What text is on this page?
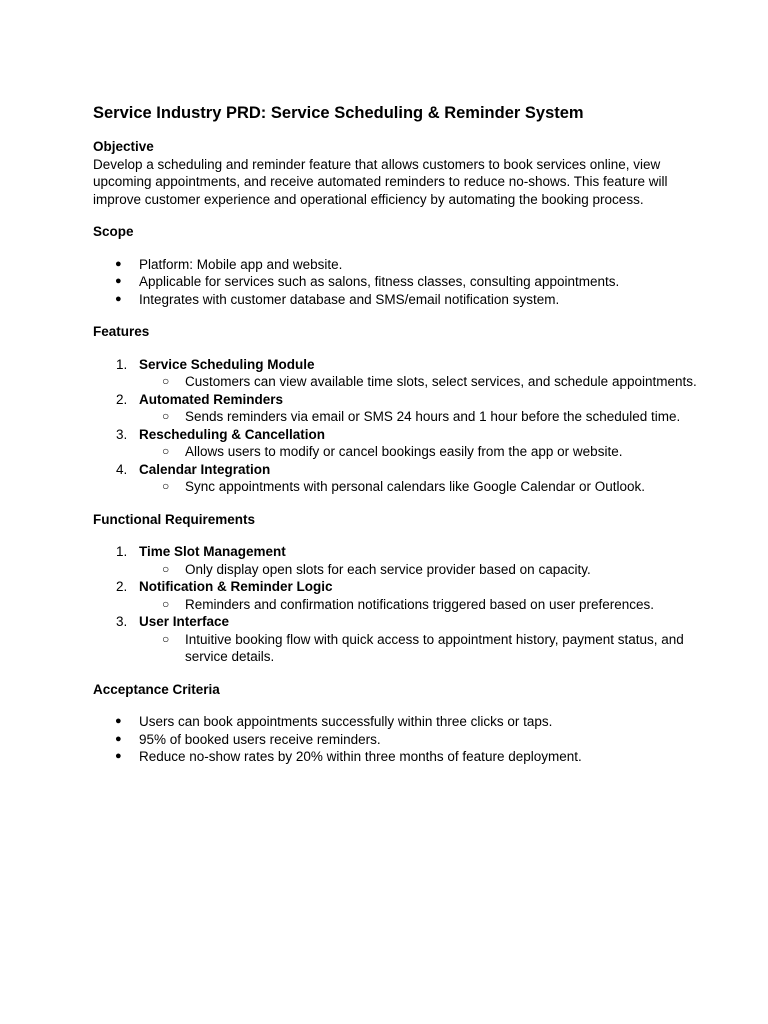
Service Industry PRD: Service Scheduling & Reminder System
Objective

Develop a scheduling and reminder feature that allows customers to book services online, view upcoming appointments, and receive automated reminders to reduce no-shows. This feature will improve customer experience and operational efficiency by automating the booking process.

Scope
● Platform: Mobile app and website.
● Applicable for services such as salons, fitness classes, consulting appointments.
● Integrates with customer database and SMS/email notification system.
Features
1. Service Scheduling Module
○ Customers can view available time slots, select services, and schedule appointments.
2. Automated Reminders
○ Sends reminders via email or SMS 24 hours and 1 hour before the scheduled time.
3. Rescheduling & Cancellation
○ Allows users to modify or cancel bookings easily from the app or website.
4. Calendar Integration
○ Sync appointments with personal calendars like Google Calendar or Outlook.
Functional Requirements
1. Time Slot Management
○ Only display open slots for each service provider based on capacity.
2. Notification & Reminder Logic
○ Reminders and confirmation notifications triggered based on user preferences.
3. User Interface
○ Intuitive booking flow with quick access to appointment history, payment status, and service details.
Acceptance Criteria
● Users can book appointments successfully within three clicks or taps.
● 95% of booked users receive reminders.
● Reduce no-show rates by 20% within three months of feature deployment.
